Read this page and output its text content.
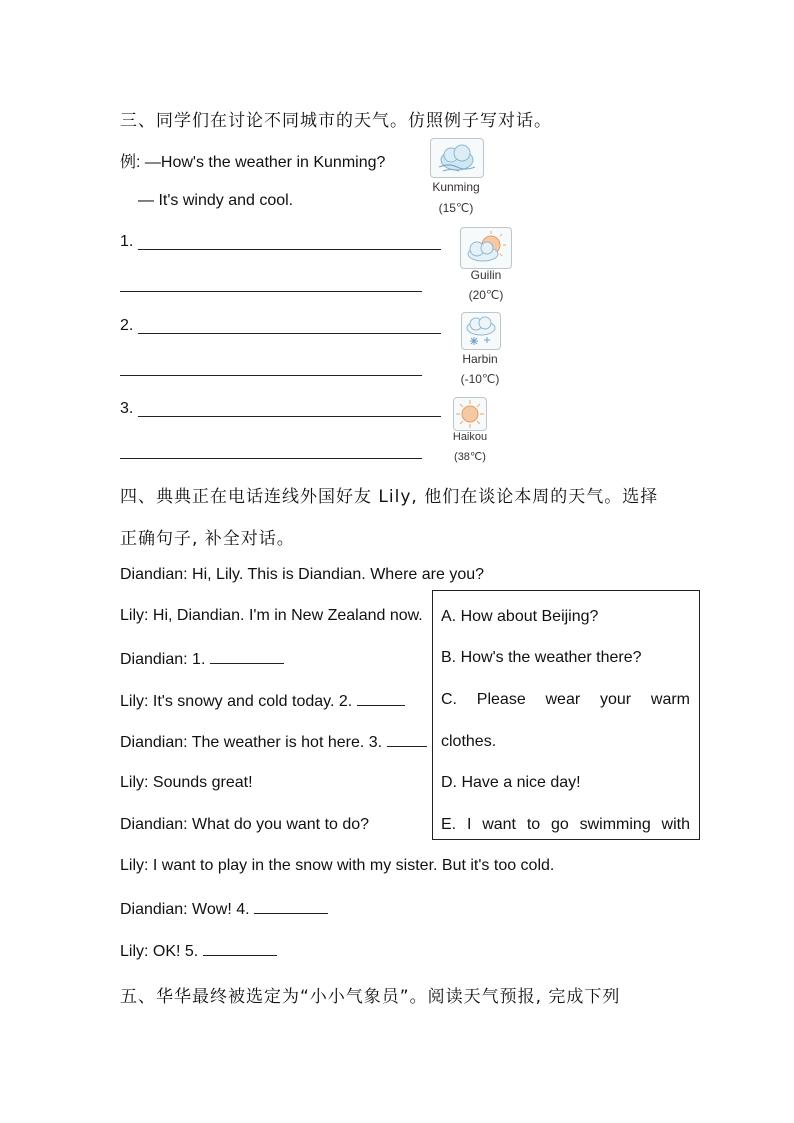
三、同学们在讨论不同城市的天气。仿照例子写对话。
例: —How's the weather in Kunming?
— It's windy and cool.
Kunming
(15℃)
1.
Guilin
(20℃)
2.
Harbin
(-10℃)
3.
Haikou
(38℃)
四、典典正在电话连线外国好友 Lily, 他们在谈论本周的天气。选择
正确句子, 补全对话。
Diandian: Hi, Lily. This is Diandian. Where are you?
Lily: Hi, Diandian. I'm in New Zealand now.
Diandian: 1.
Lily: It's snowy and cold today. 2.
Diandian: The weather is hot here. 3.
Lily: Sounds great!
Diandian: What do you want to do?
Lily: I want to play in the snow with my sister. But it's too cold.
Diandian: Wow! 4.
Lily: OK! 5.
A. How about Beijing?
B. How's the weather there?
C. Please wear your warm
clothes.
D. Have a nice day!
E. I want to go swimming with
五、华华最终被选定为“小小气象员”。阅读天气预报, 完成下列
